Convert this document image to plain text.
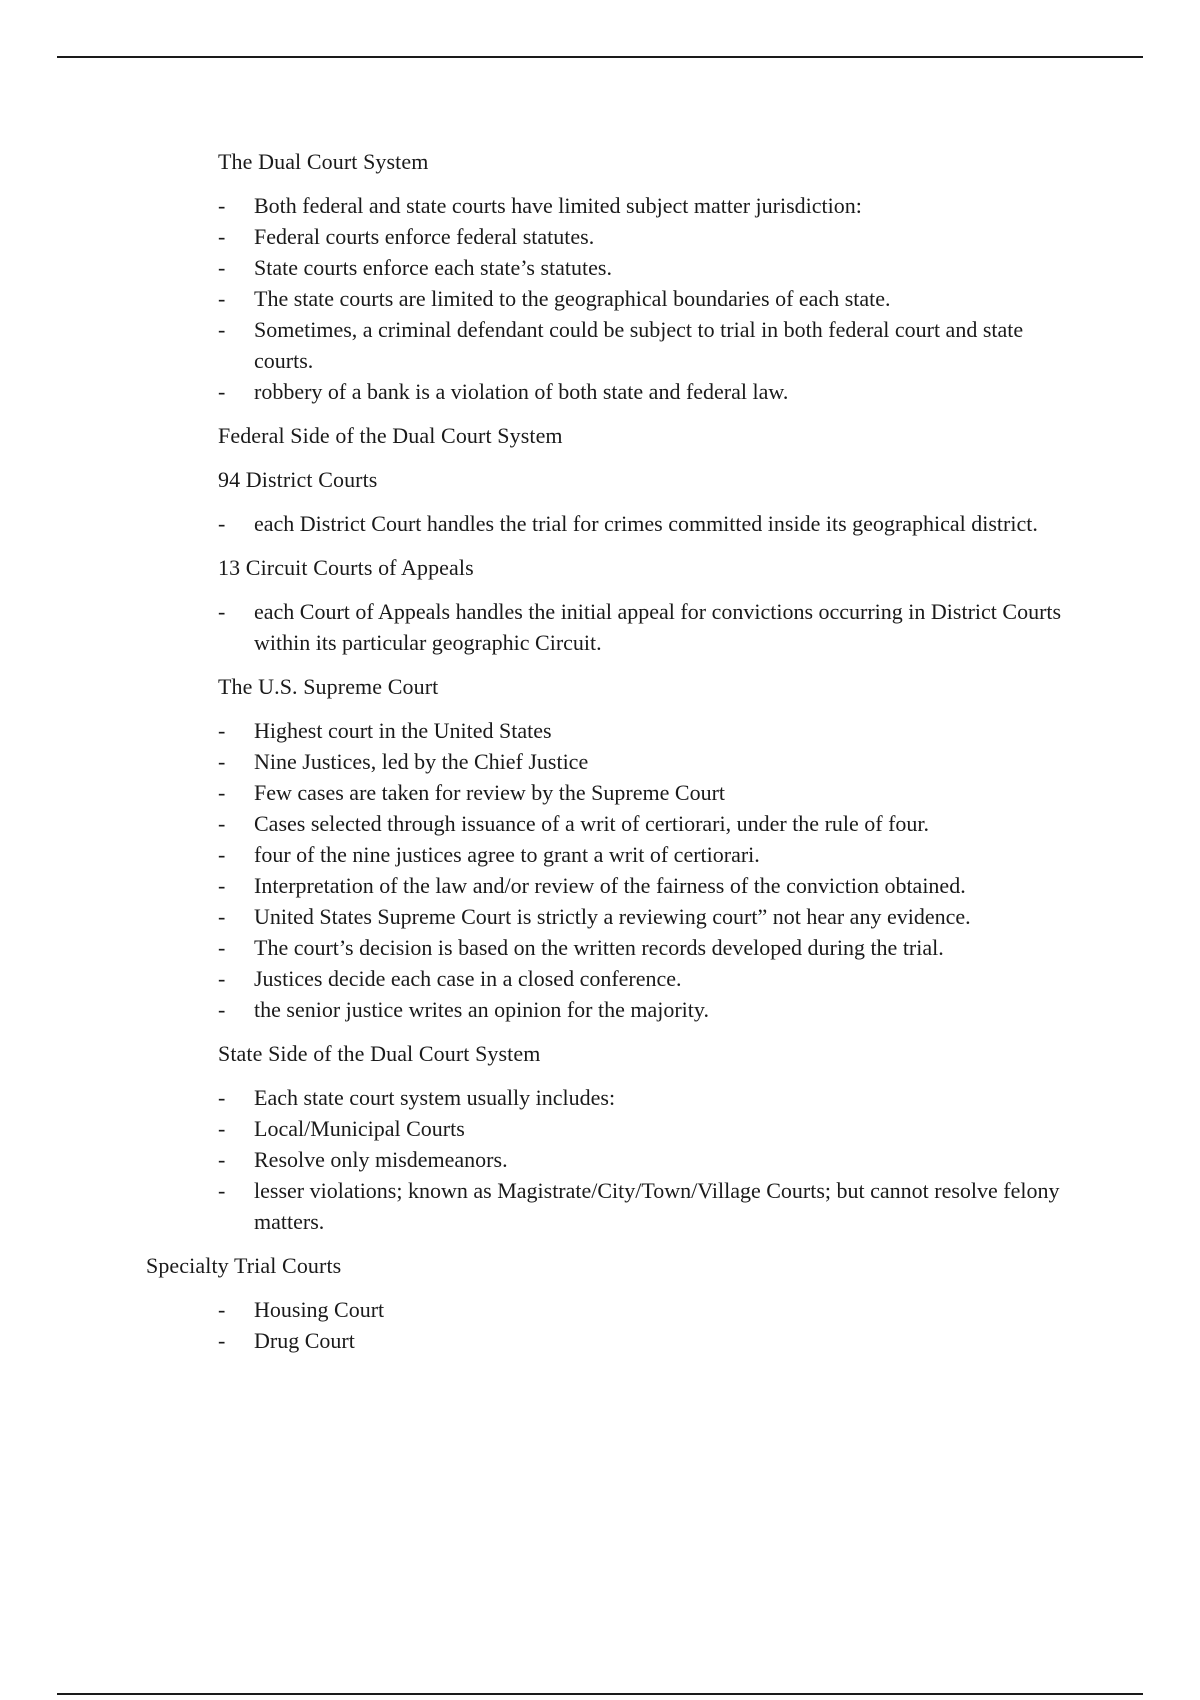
The Dual Court System
- Both federal and state courts have limited subject matter jurisdiction:
- Federal courts enforce federal statutes.
- State courts enforce each state’s statutes.
- The state courts are limited to the geographical boundaries of each state.
- Sometimes, a criminal defendant could be subject to trial in both federal court and state courts.
- robbery of a bank is a violation of both state and federal law.
Federal Side of the Dual Court System
94 District Courts
- each District Court handles the trial for crimes committed inside its geographical district.
13 Circuit Courts of Appeals
- each Court of Appeals handles the initial appeal for convictions occurring in District Courts within its particular geographic Circuit.
The U.S. Supreme Court
- Highest court in the United States
- Nine Justices, led by the Chief Justice
- Few cases are taken for review by the Supreme Court
- Cases selected through issuance of a writ of certiorari, under the rule of four.
- four of the nine justices agree to grant a writ of certiorari.
- Interpretation of the law and/or review of the fairness of the conviction obtained.
- United States Supreme Court is strictly a reviewing court” not hear any evidence.
- The court’s decision is based on the written records developed during the trial.
- Justices decide each case in a closed conference.
- the senior justice writes an opinion for the majority.
State Side of the Dual Court System
- Each state court system usually includes:
- Local/Municipal Courts
- Resolve only misdemeanors.
- lesser violations; known as Magistrate/City/Town/Village Courts; but cannot resolve felony matters.
Specialty Trial Courts
- Housing Court
- Drug Court
